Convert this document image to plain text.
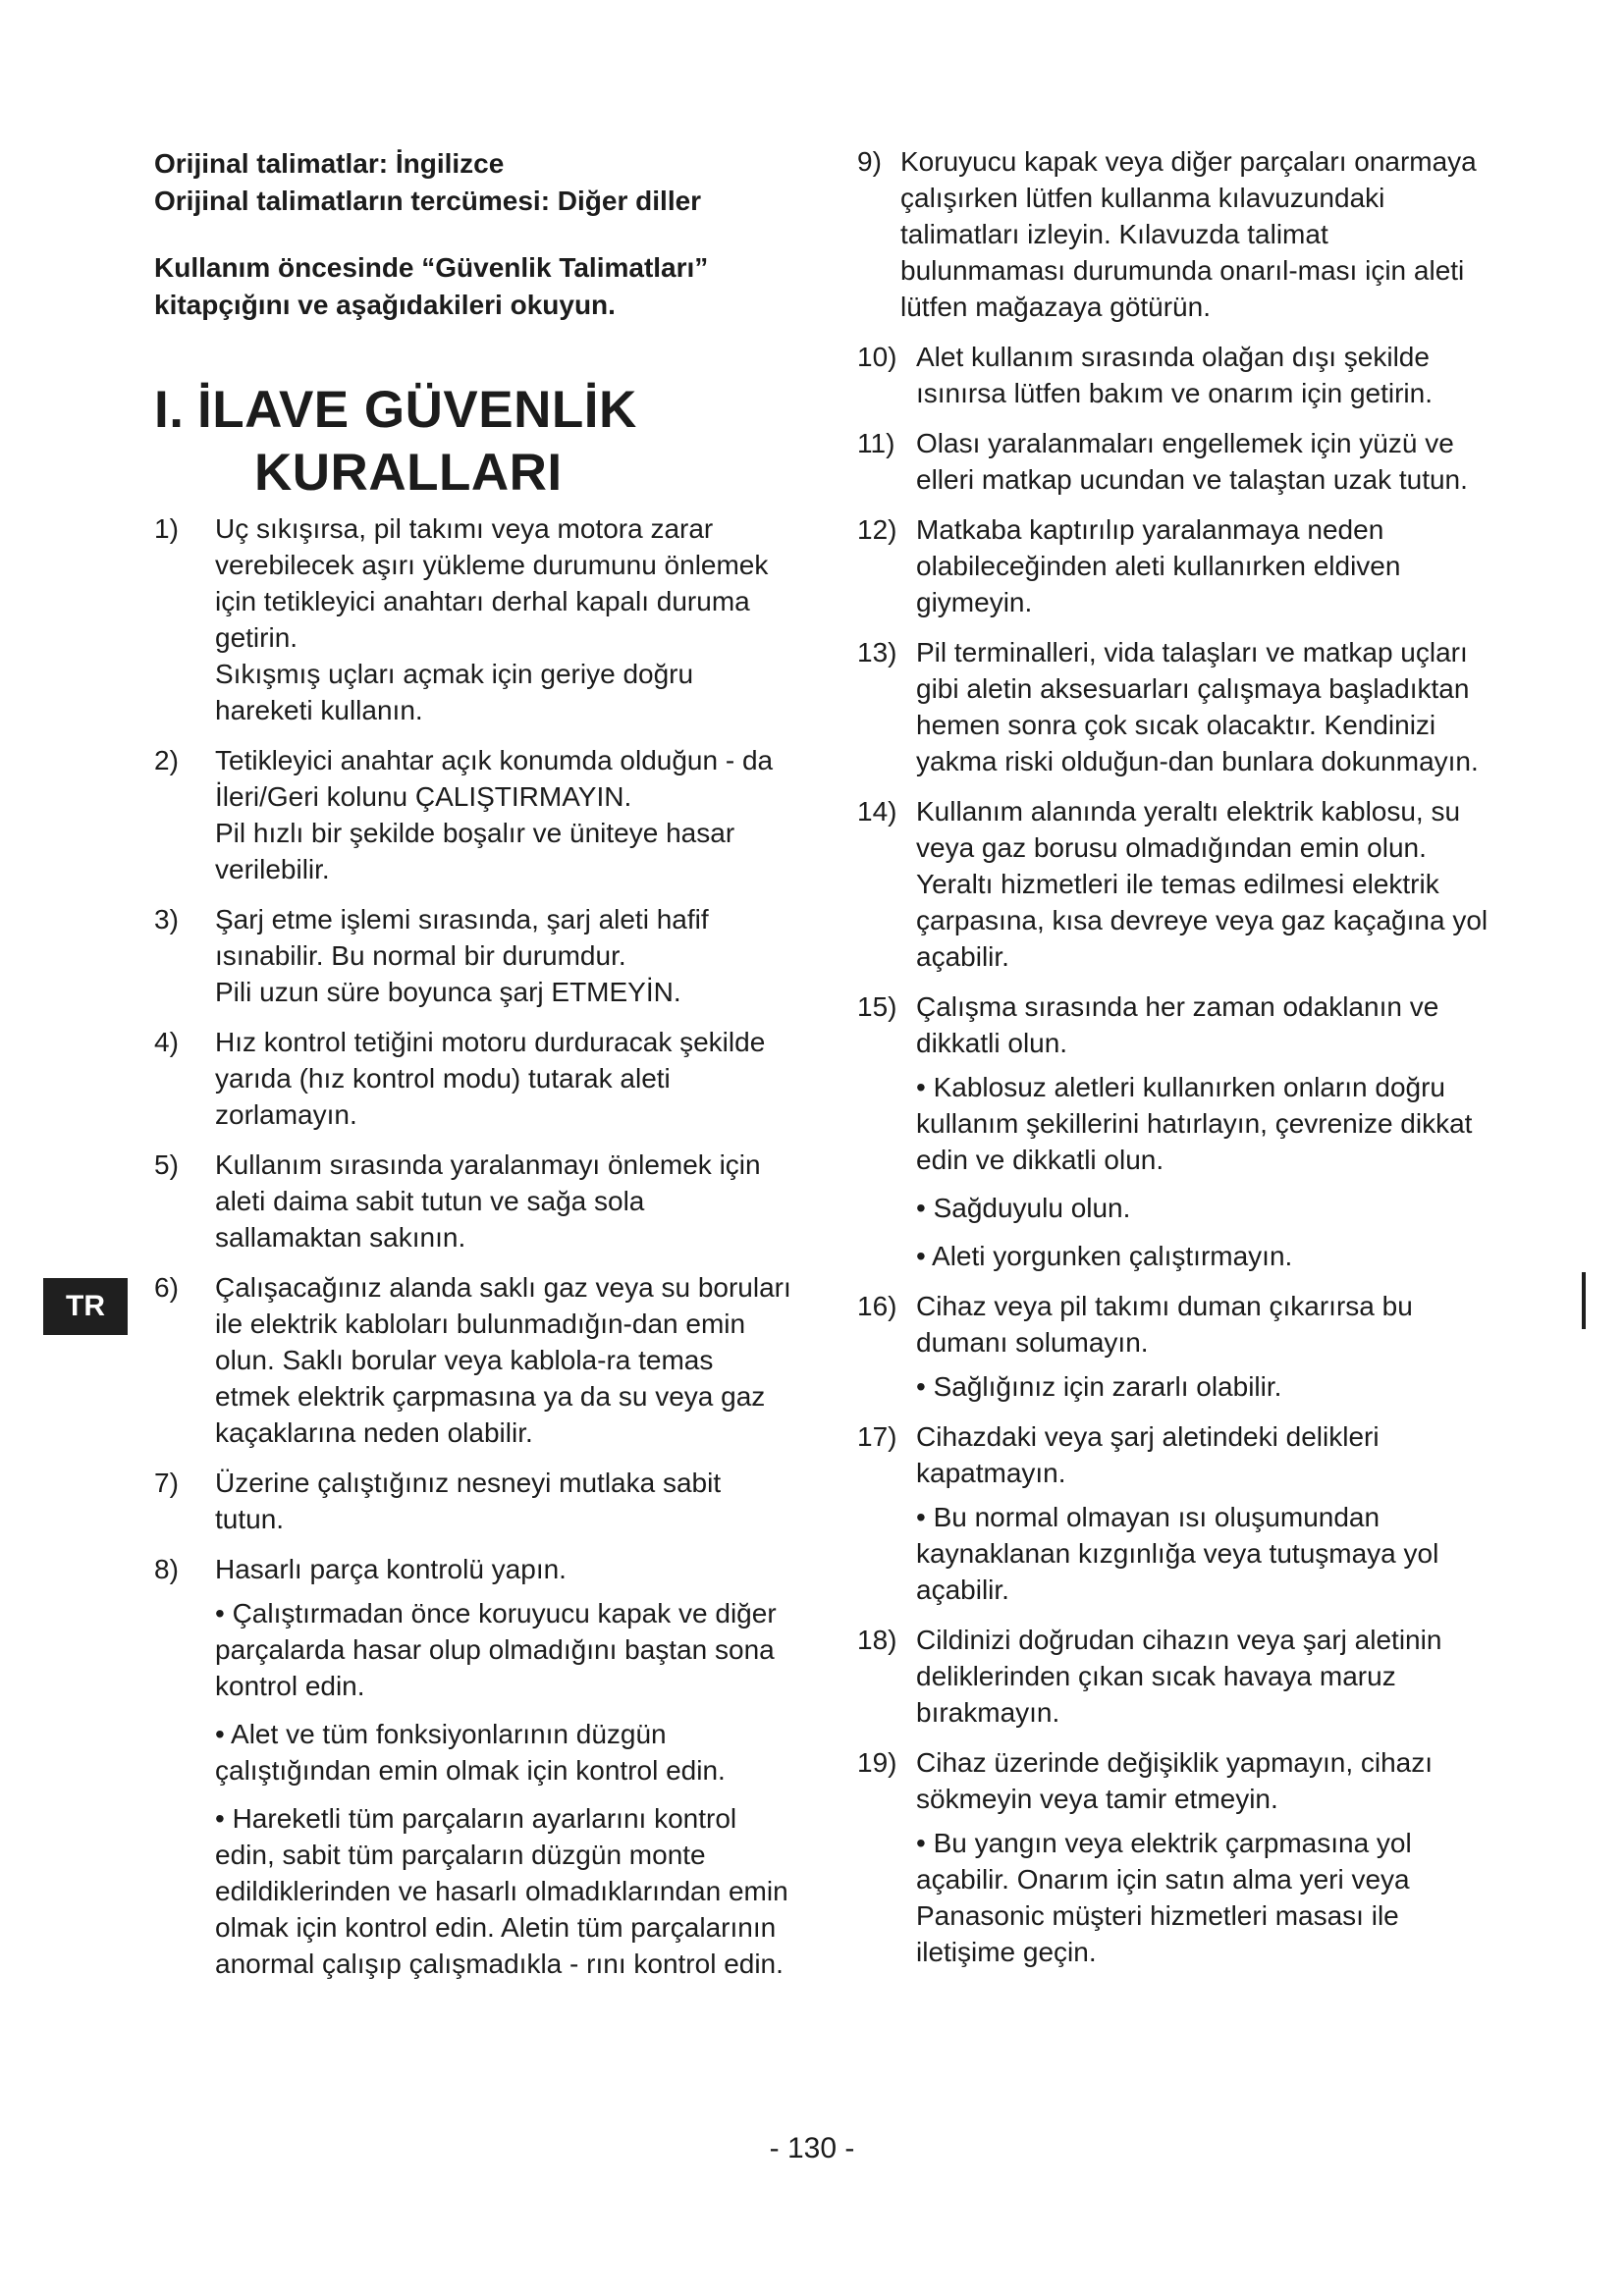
Orijinal talimatlar: İngilizce
Orijinal talimatların tercümesi: Diğer diller
Kullanım öncesinde “Güvenlik Talimatları”
kitapçığını ve aşağıdakileri okuyun.
I. İLAVE GÜVENLİK
KURALLARI
TR
1)	Uç sıkışırsa, pil takımı veya motora zarar verebilecek aşırı yükleme durumunu önlemek için tetikleyici anahtarı derhal kapalı duruma getirin.

Sıkışmış uçları açmak için geriye doğru hareketi kullanın.

2)	Tetikleyici anahtar açık konumda olduğun - da İleri/Geri kolunu ÇALIŞTIRMAYIN.

Pil hızlı bir şekilde boşalır ve üniteye hasar verilebilir.

3)	Şarj etme işlemi sırasında, şarj aleti hafif ısınabilir. Bu normal bir durumdur.

Pili uzun süre boyunca şarj ETMEYİN.

4)	Hız kontrol tetiğini motoru durduracak şekilde yarıda (hız kontrol modu) tutarak aleti zorlamayın.

5)	Kullanım sırasında yaralanmayı önlemek için aleti daima sabit tutun ve sağa sola sallamaktan sakının.

6)	Çalışacağınız alanda saklı gaz veya su boruları ile elektrik kabloları bulunmadığın-dan emin olun. Saklı borular veya kablola-ra temas etmek elektrik çarpmasına ya da su veya gaz kaçaklarına neden olabilir.

7)	Üzerine çalıştığınız nesneyi mutlaka sabit tutun.

8)	Hasarlı parça kontrolü yapın.

• Çalıştırmadan önce koruyucu kapak ve diğer parçalarda hasar olup olmadığını baştan sona kontrol edin.
• Alet ve tüm fonksiyonlarının düzgün çalıştığından emin olmak için kontrol edin.
• Hareketli tüm parçaların ayarlarını kontrol edin, sabit tüm parçaların düzgün monte edildiklerinden ve hasarlı olmadıklarından emin olmak için kontrol edin. Aletin tüm parçalarının anormal çalışıp çalışmadıkla - rını kontrol edin.
9) Koruyucu kapak veya diğer parçaları onarmaya çalışırken lütfen kullanma kılavuzundaki talimatları izleyin. Kılavuzda talimat bulunmaması durumunda onarıl-ması için aleti lütfen mağazaya götürün.

10) Alet kullanım sırasında olağan dışı şekilde ısınırsa lütfen bakım ve onarım için getirin.

11) Olası yaralanmaları engellemek için yüzü ve elleri matkap ucundan ve talaştan uzak tutun.

12) Matkaba kaptırılıp yaralanmaya neden olabileceğinden aleti kullanırken eldiven giymeyin.

13) Pil terminalleri, vida talaşları ve matkap uçları gibi aletin aksesuarları çalışmaya başladıktan hemen sonra çok sıcak olacaktır. Kendinizi yakma riski olduğun-dan bunlara dokunmayın.

14) Kullanım alanında yeraltı elektrik kablosu, su veya gaz borusu olmadığından emin olun. Yeraltı hizmetleri ile temas edilmesi elektrik çarpasına, kısa devreye veya gaz kaçağına yol açabilir.

15) Çalışma sırasında her zaman odaklanın ve dikkatli olun.

• Kablosuz aletleri kullanırken onların doğru kullanım şekillerini hatırlayın, çevrenize dikkat edin ve dikkatli olun.
• Sağduyulu olun.
• Aleti yorgunken çalıştırmayın.
16) Cihaz veya pil takımı duman çıkarırsa bu dumanı solumayın.

• Sağlığınız için zararlı olabilir.
17) Cihazdaki veya şarj aletindeki delikleri kapatmayın.

• Bu normal olmayan ısı oluşumundan kaynaklanan kızgınlığa veya tutuşmaya yol açabilir.
18) Cildinizi doğrudan cihazın veya şarj aletinin deliklerinden çıkan sıcak havaya maruz bırakmayın.

19) Cihaz üzerinde değişiklik yapmayın, cihazı sökmeyin veya tamir etmeyin.

• Bu yangın veya elektrik çarpmasına yol açabilir. Onarım için satın alma yeri veya Panasonic müşteri hizmetleri masası ile iletişime geçin.
- 130 -
